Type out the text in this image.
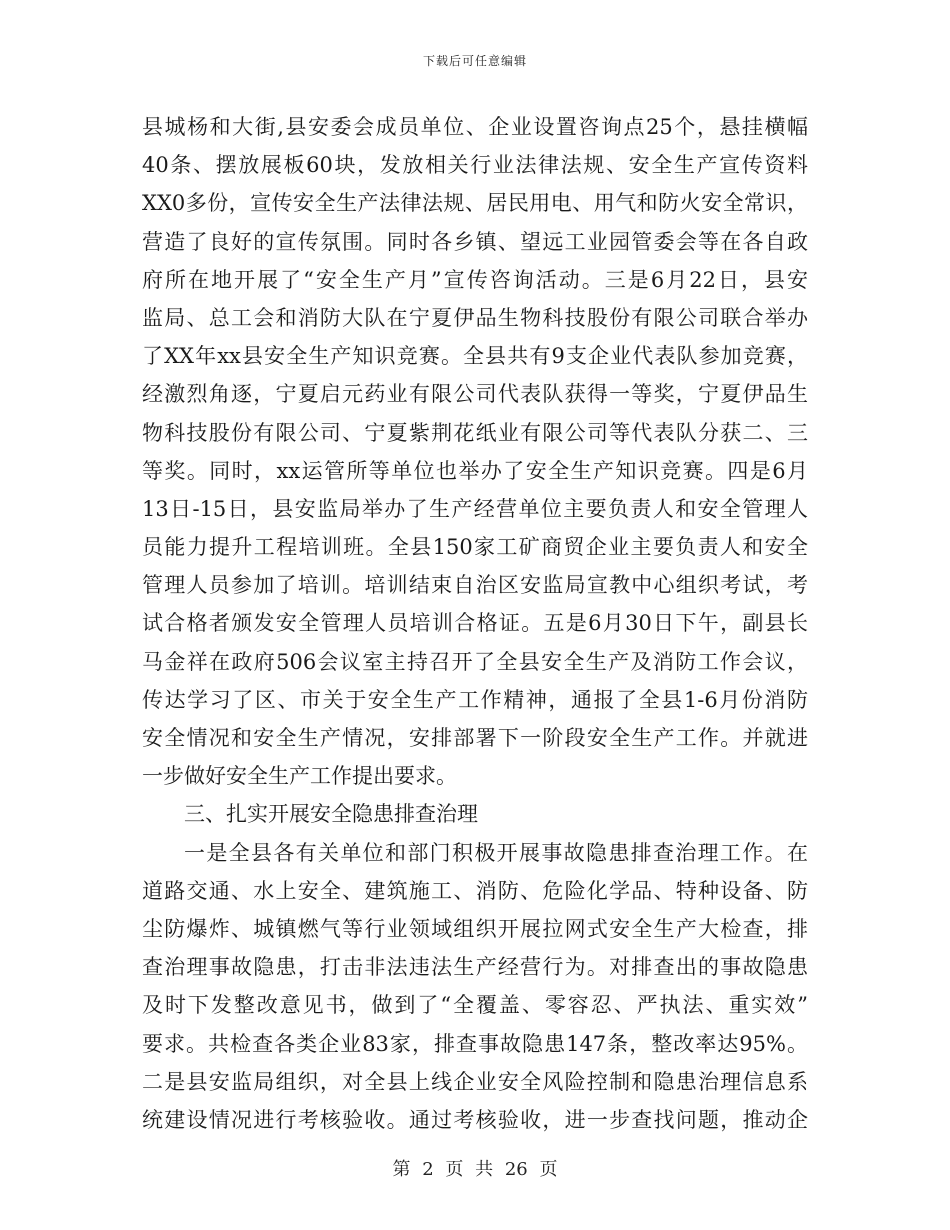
下载后可任意编辑
县城杨和大街,县安委会成员单位、企业设置咨询点25个，悬挂横幅
40条、摆放展板60块，发放相关行业法律法规、安全生产宣传资料
XX0多份，宣传安全生产法律法规、居民用电、用气和防火安全常识，
营造了良好的宣传氛围。同时各乡镇、望远工业园管委会等在各自政
府所在地开展了“安全生产月”宣传咨询活动。三是6月22日，县安
监局、总工会和消防大队在宁夏伊品生物科技股份有限公司联合举办
了XX年xx县安全生产知识竞赛。全县共有9支企业代表队参加竞赛，
经激烈角逐，宁夏启元药业有限公司代表队获得一等奖，宁夏伊品生
物科技股份有限公司、宁夏紫荆花纸业有限公司等代表队分获二、三
等奖。同时，xx运管所等单位也举办了安全生产知识竞赛。四是6月
13日-15日，县安监局举办了生产经营单位主要负责人和安全管理人
员能力提升工程培训班。全县150家工矿商贸企业主要负责人和安全
管理人员参加了培训。培训结束自治区安监局宣教中心组织考试，考
试合格者颁发安全管理人员培训合格证。五是6月30日下午，副县长
马金祥在政府506会议室主持召开了全县安全生产及消防工作会议，
传达学习了区、市关于安全生产工作精神，通报了全县1-6月份消防
安全情况和安全生产情况，安排部署下一阶段安全生产工作。并就进
一步做好安全生产工作提出要求。
三、扎实开展安全隐患排查治理
一是全县各有关单位和部门积极开展事故隐患排查治理工作。在
道路交通、水上安全、建筑施工、消防、危险化学品、特种设备、防
尘防爆炸、城镇燃气等行业领域组织开展拉网式安全生产大检查，排
查治理事故隐患，打击非法违法生产经营行为。对排查出的事故隐患
及时下发整改意见书，做到了“全覆盖、零容忍、严执法、重实效”
要求。共检查各类企业83家，排查事故隐患147条，整改率达95%。
二是县安监局组织，对全县上线企业安全风险控制和隐患治理信息系
统建设情况进行考核验收。通过考核验收，进一步查找问题，推动企
第 2 页 共 26 页
